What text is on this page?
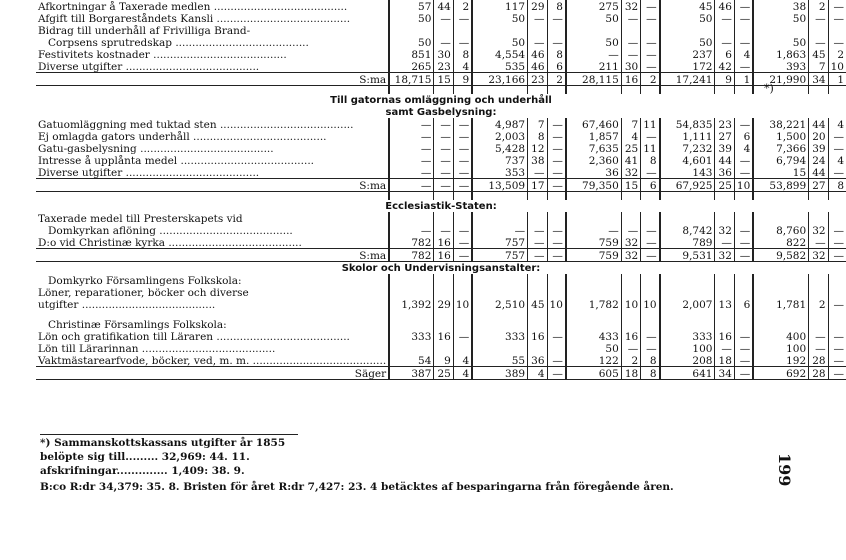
Afkortningar å Taxerade medlen ........................................	57	44	2	117	29	8	275	32	—	45	46	—	38	2	—
Afgift till Borgareståndets Kansli ........................................	50	—	—	50	—	—	50	—	—	50	—	—	50	—	—
Bidrag till underhåll af Frivilliga Brand-															
Corpsens sprutredskap ........................................	50	—	—	50	—	—	50	—	—	50	—	—	50	—	—
Festivitets kostnader ........................................	851	30	8	4,554	46	8	—	—	—	237	6	4	1,863	45	2
Diverse utgifter ........................................	265	23	4	535	46	6	211	30	—	172	42	—	393	7	10
S:ma	18,715	15	9	23,166	23	2	28,115	16	2	17,241	9	1	21,990	34	1

Till gatornas omläggning och underhåll															
samt Gasbelysning:															
Gatuomläggning med tuktad sten ........................................	—	—	—	4,987	7	—	67,460	7	11	54,835	23	—	38,221	44	4
Ej omlagda gators underhåll ........................................	—	—	—	2,003	8	—	1,857	4	—	1,111	27	6	1,500	20	—
Gatu-gasbelysning ........................................	—	—	—	5,428	12	—	7,635	25	11	7,232	39	4	7,366	39	—
Intresse å upplånta medel ........................................	—	—	—	737	38	—	2,360	41	8	4,601	44	—	6,794	24	4
Diverse utgifter ........................................	—	—	—	353	—	—	36	32	—	143	36	—	15	44	—
S:ma	—	—	—	13,509	17	—	79,350	15	6	67,925	25	10	53,899	27	8

Ecclesiastik-Staten:															
Taxerade medel till Presterskapets vid															
Domkyrkan aflöning ........................................	—	—	—	—	—	—	—	—	—	8,742	32	—	8,760	32	—
D:o vid Christinæ kyrka ........................................	782	16	—	757	—	—	759	32	—	789	—	—	822	—	—
S:ma	782	16	—	757	—	—	759	32	—	9,531	32	—	9,582	32	—
Skolor och Undervisningsanstalter:															
Domkyrko Församlingens Folkskola:															
Löner, reparationer, böcker och diverse															
utgifter ........................................	1,392	29	10	2,510	45	10	1,782	10	10	2,007	13	6	1,781	2	—

Christinæ Församlings Folkskola:															
Lön och gratifikation till Läraren ........................................	333	16	—	333	16	—	433	16	—	333	16	—	400	—	—
Lön till Lärarinnan ........................................							50	—	—	100	—	—	100	—	—
Vaktmästarearfvode, böcker, ved, m. m. ........................................	54	9	4	55	36	—	122	2	8	208	18	—	192	28	—
Säger	387	25	4	389	4	—	605	18	8	641	34	—	692	28	—
*)
*) Sammanskottskassans utgifter år 1855
belöpte sig till......... 32,969: 44. 11.
afskrifningar.............. 1,409: 38. 9.
B:co R:dr 34,379: 35. 8. Bristen för året R:dr 7,427: 23. 4 betäcktes af besparingarna från föregående åren.
199
